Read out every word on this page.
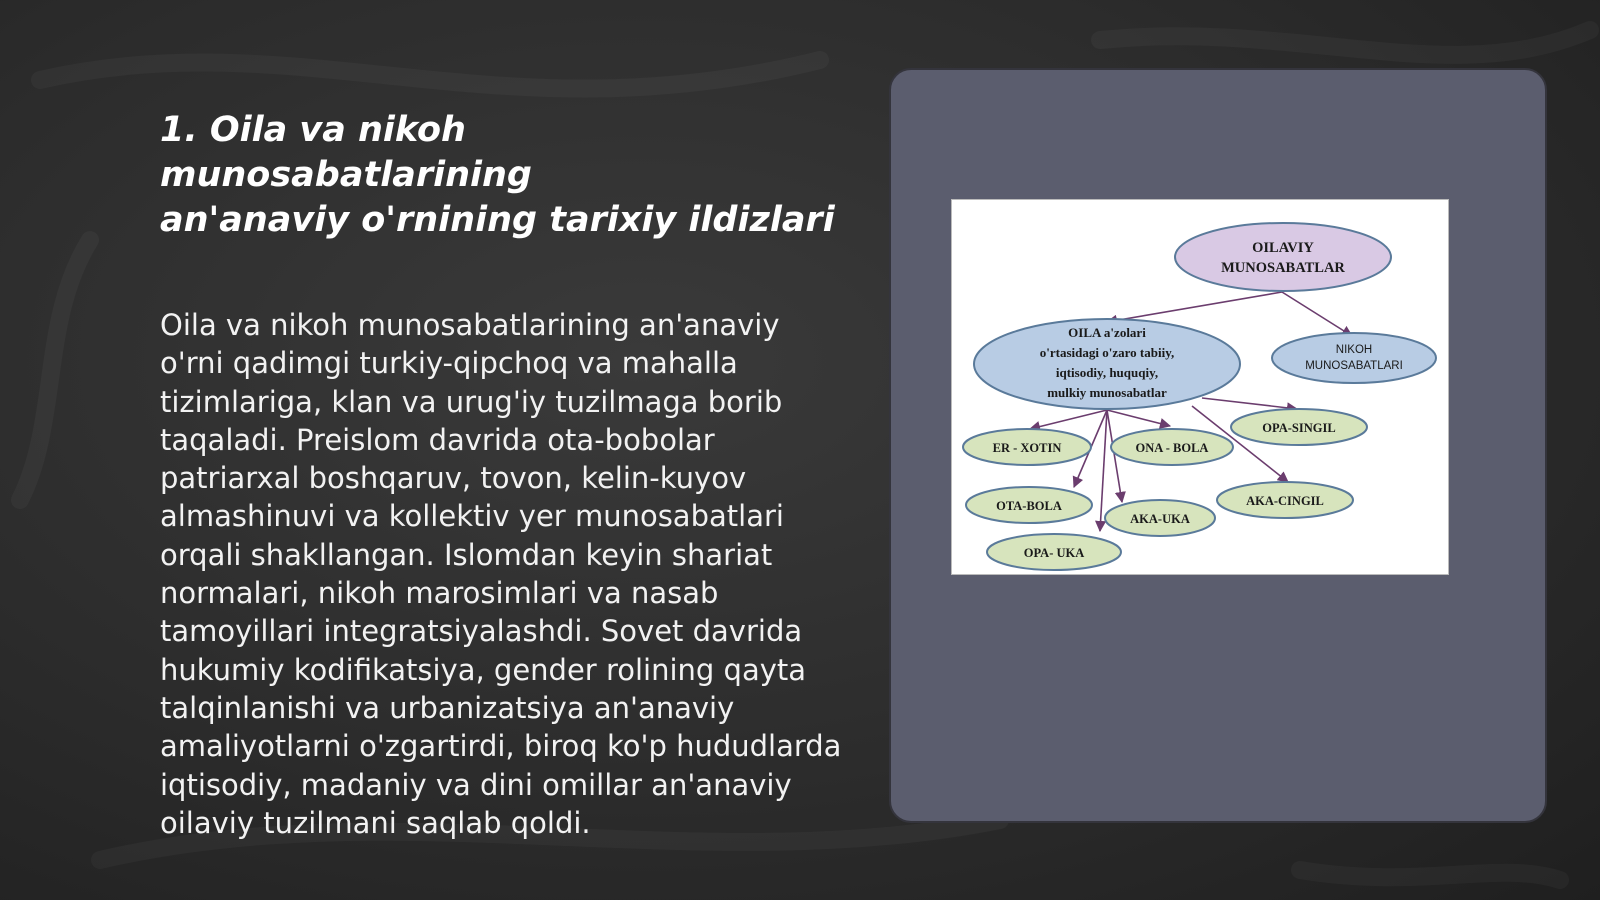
1. Oila va nikoh munosabatlarining
an'anaviy o'rnining tarixiy ildizlari

Oila va nikoh munosabatlarining an'anaviy o'rni qadimgi turkiy-qipchoq va mahalla tizimlariga, klan va urug'iy tuzilmaga borib taqaladi. Preislom davrida ota-bobolar patriarxal boshqaruv, tovon, kelin-kuyov almashinuvi va kollektiv yer munosabatlari orqali shakllangan. Islomdan keyin shariat normalari, nikoh marosimlari va nasab tamoyillari integratsiyalashdi. Sovet davrida hukumiy kodifikatsiya, gender rolining qayta talqinlanishi va urbanizatsiya an'anaviy amaliyotlarni o'zgartirdi, biroq ko'p hududlarda iqtisodiy, madaniy va dini omillar an'anaviy oilaviy tuzilmani saqlab qoldi.

OILAVIY
MUNOSABATLAR
OILA a'zolari
o'rtasidagi o'zaro tabiiy,
iqtisodiy, huquqiy,
mulkiy munosabatlar
NIKOH
MUNOSABATLARI
ER - XOTIN	ONA - BOLA
OPA-SINGIL
OTA-BOLA
AKA-UKA
AKA-CINGIL
OPA- UKA
